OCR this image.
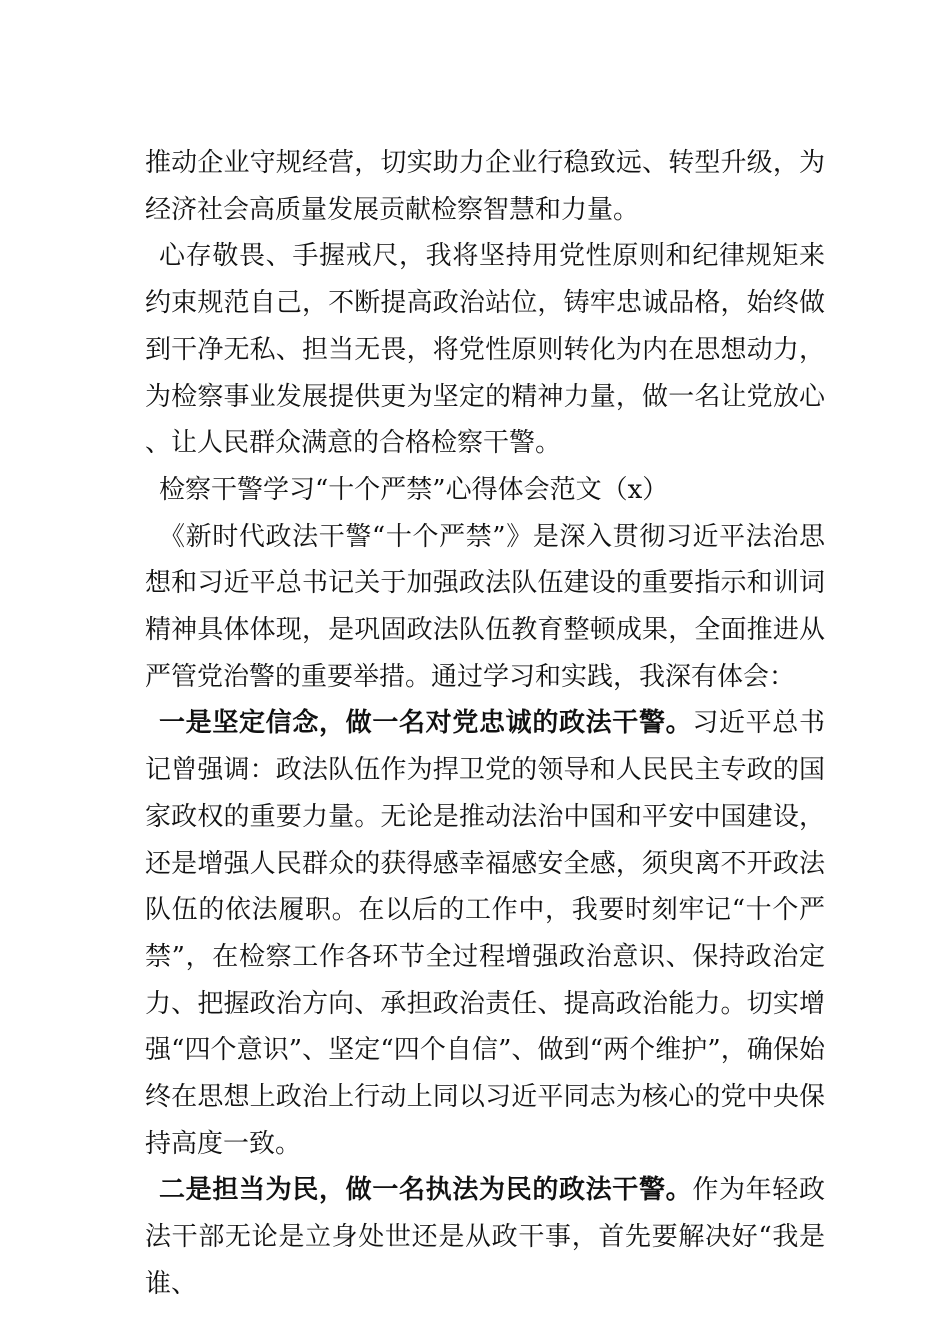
推动企业守规经营，切实助力企业行稳致远、转型升级，为经济社会高质量发展贡献检察智慧和力量。

心存敬畏、手握戒尺，我将坚持用党性原则和纪律规矩来约束规范自己，不断提高政治站位，铸牢忠诚品格，始终做到干净无私、担当无畏，将党性原则转化为内在思想动力，为检察事业发展提供更为坚定的精神力量，做一名让党放心、让人民群众满意的合格检察干警。

检察干警学习“十个严禁”心得体会范文（x）

《新时代政法干警“十个严禁”》是深入贯彻习近平法治思想和习近平总书记关于加强政法队伍建设的重要指示和训词精神具体体现，是巩固政法队伍教育整顿成果，全面推进从严管党治警的重要举措。通过学习和实践，我深有体会：

一是坚定信念，做一名对党忠诚的政法干警。习近平总书记曾强调：政法队伍作为捍卫党的领导和人民民主专政的国家政权的重要力量。无论是推动法治中国和平安中国建设，还是增强人民群众的获得感幸福感安全感，须臾离不开政法队伍的依法履职。在以后的工作中，我要时刻牢记“十个严禁”，在检察工作各环节全过程增强政治意识、保持政治定力、把握政治方向、承担政治责任、提高政治能力。切实增强“四个意识”、坚定“四个自信”、做到“两个维护”，确保始终在思想上政治上行动上同以习近平同志为核心的党中央保持高度一致。

二是担当为民，做一名执法为民的政法干警。作为年轻政法干部无论是立身处世还是从政干事，首先要解决好“我是谁、
